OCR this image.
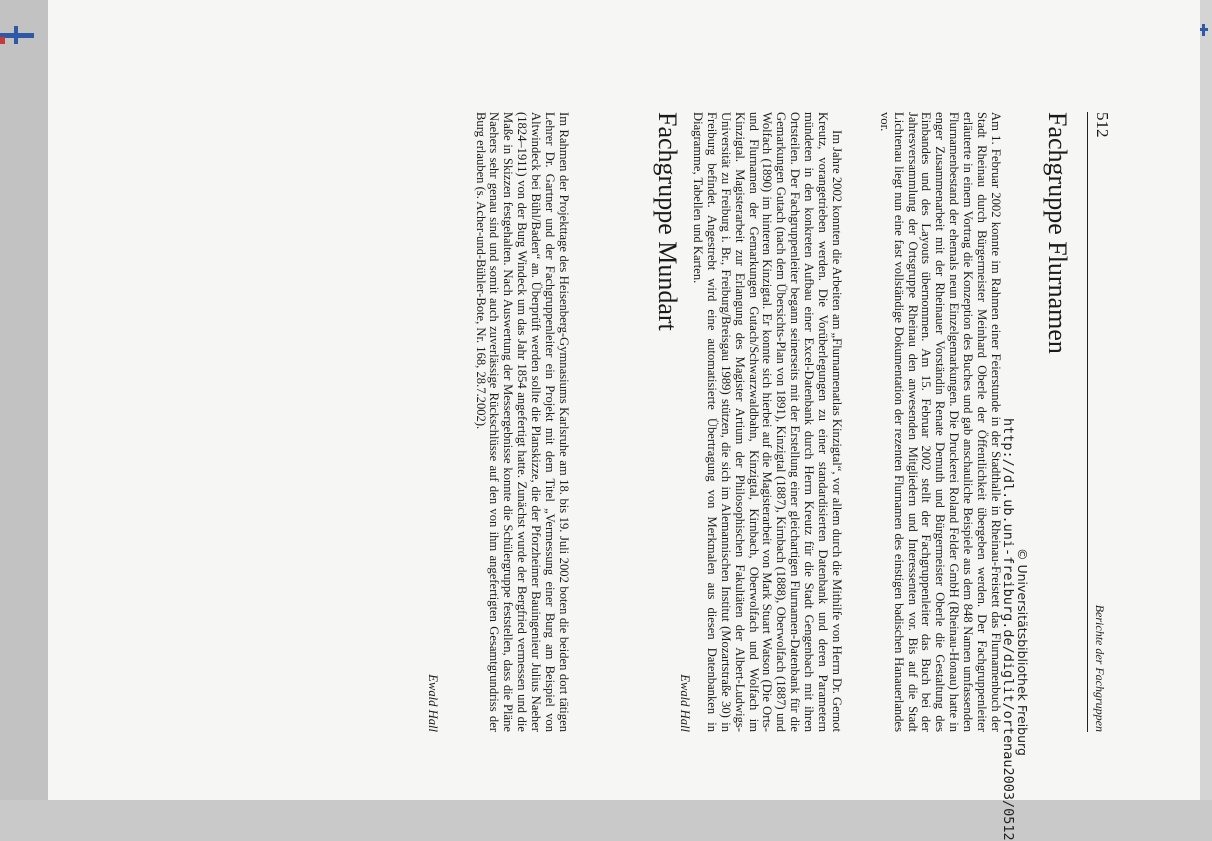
512
Berichte der Fachgruppen
Fachgruppe Flurnamen

Am 1. Februar 2002 konnte im Rahmen einer Feierstunde in der Stadthalle in Rheinau-Freistett das Flurnamenbuch der Stadt Rheinau durch Bürgermeister Meinhard Oberle der Öffentlichkeit übergeben werden. Der Fachgruppenleiter erläuterte in einem Vortrag die Konzeption des Buches und gab anschauliche Beispiele aus dem 848 Namen umfassenden Flurnamenbestand der ehemals neun Einzelgemarkungen. Die Druckerei Roland Felder GmbH (Rheinau-Honau) hatte in enger Zusammenarbeit mit der Rheinauer Vorständin Renate Demuth und Bürgermeister Oberle die Gestaltung des Einbandes und des Layouts übernommen. Am 15. Februar 2002 stellt der Fachgruppenleiter das Buch bei der Jahresversammlung der Ortsgruppe Rheinau den anwesenden Mitgliedern und Interessenten vor. Bis auf die Stadt Lichtenau liegt nun eine fast vollständige Dokumentation der rezenten Flurnamen des einstigen badischen Hanauerlandes vor.

Im Jahre 2002 konnten die Arbeiten am „Flurnamenatlas Kinzigtal“, vor allem durch die Mithilfe von Herrn Dr. Gernot Kreutz, vorangetrieben werden. Die Vorüberlegungen zu einer standardisierten Datenbank und deren Parametern mündeten in den konkreten Aufbau einer Excel-Datenbank durch Herrn Kreutz für die Stadt Gengenbach mit ihren Ortsteilen. Der Fachgruppenleiter begann seinerseits mit der Erstellung einer gleichartigen Flurnamen-Datenbank für die Gemarkungen Gutach (nach dem Übersichts-Plan von 1891), Kinzigtal (1887), Kirnbach (1888), Oberwolfach (1887) und Wolfach (1890) im hinteren Kinzigtal. Er konnte sich hierbei auf die Magisterarbeit von Mark Stuart Watson (Die Orts- und Flurnamen der Gemarkungen Gutach/Schwarzwaldbahn, Kinzigtal, Kirnbach, Oberwolfach und Wolfach im Kinzigtal. Magisterarbeit zur Erlangung des Magister Artium der Philosophischen Fakultäten der Albert-Ludwigs-Universität zu Freiburg i. Br., Freiburg/Breisgau 1989) stützen, die sich im Alemannischen Institut (Mozartstraße 30) in Freiburg befindet. Angestrebt wird eine automatisierte Übertragung von Merkmalen aus diesen Datenbanken in Diagramme, Tabellen und Karten.

Ewald Hall
Fachgruppe Mundart

Im Rahmen der Projekttage des Heisenberg-Gymnasiums Karlsruhe am 18. bis 19. Juli 2002 boten die beiden dort tätigen Lehrer Dr. Gartner und der Fachgruppenleiter ein Projekt mit dem Titel „Vermessung einer Burg am Beispiel von Altwindeck bei Bühl/Baden“ an. Überprüft werden sollte die Planskizze, die der Pforzheimer Bauingenieur Julius Naeher (1824–1911) von der Burg Windeck um das Jahr 1854 angefertigt hatte. Zunächst wurde der Bergfried vermessen und die Maße in Skizzen festgehalten. Nach Auswertung der Messergebnisse konnte die Schülergruppe feststellen, dass die Pläne Naehers sehr genau sind und somit auch zuverlässige Rückschlüsse auf den von ihm angefertigten Gesamtgrundriss der Burg erlauben (s. Acher-und-Bühler-Bote, Nr. 168, 28.7.2002).

Ewald Hall	http://dl.ub.uni-freiburg.de/diglit/ortenau2003/0512 © Universitätsbibliothek Freiburg
